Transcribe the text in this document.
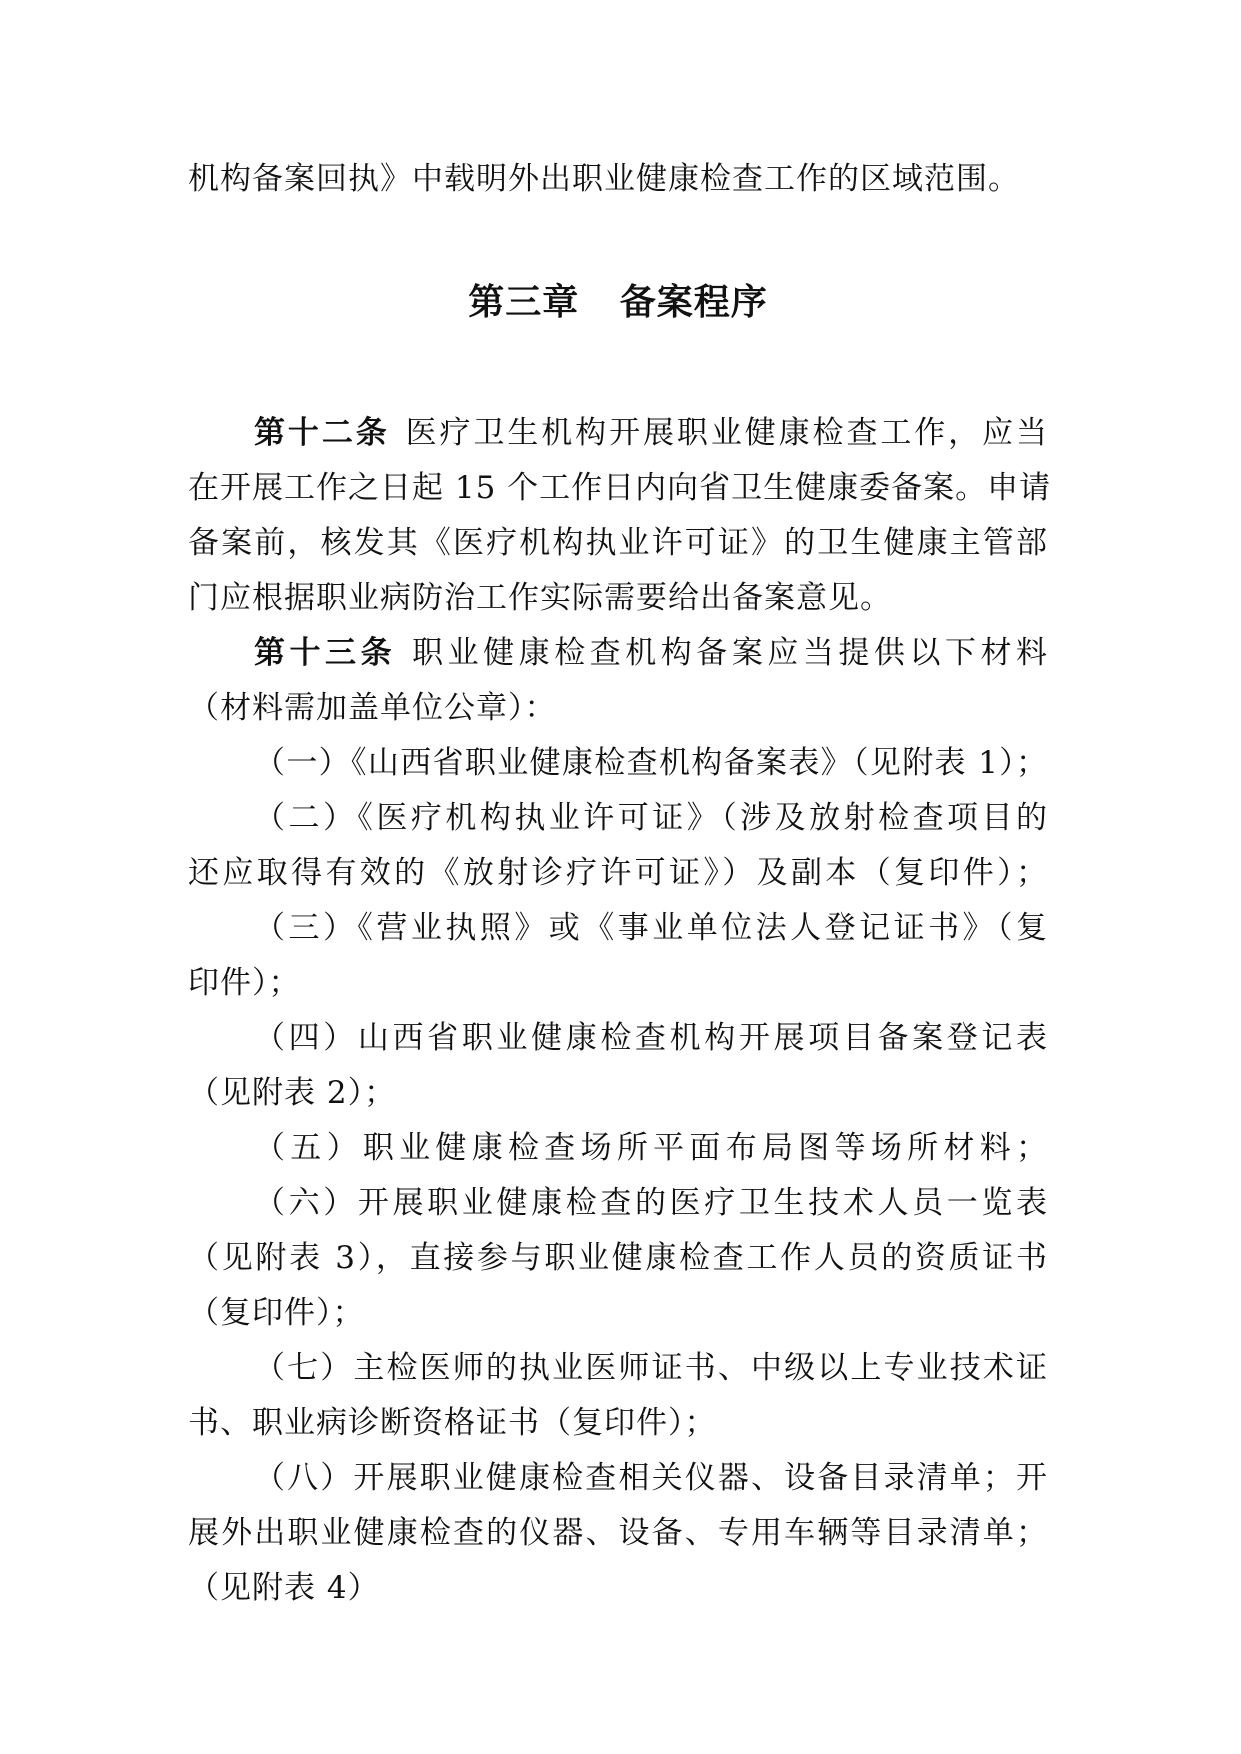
机构备案回执》中载明外出职业健康检查工作的区域范围。
第三章   备案程序
第十二条 医疗卫生机构开展职业健康检查工作，应当
在开展工作之日起 15 个工作日内向省卫生健康委备案。申请
备案前，核发其《医疗机构执业许可证》的卫生健康主管部
门应根据职业病防治工作实际需要给出备案意见。
第十三条 职业健康检查机构备案应当提供以下材料
（材料需加盖单位公章）：
（一）《山西省职业健康检查机构备案表》（见附表 1）；
（二）《医疗机构执业许可证》（涉及放射检查项目的
还应取得有效的《放射诊疗许可证》）及副本（复印件）；
（三）《营业执照》或《事业单位法人登记证书》（复
印件）；
（四）山西省职业健康检查机构开展项目备案登记表
（见附表 2）；
（五）职业健康检查场所平面布局图等场所材料；
（六）开展职业健康检查的医疗卫生技术人员一览表
（见附表 3），直接参与职业健康检查工作人员的资质证书
（复印件）；
（七）主检医师的执业医师证书、中级以上专业技术证
书、职业病诊断资格证书（复印件）；
（八）开展职业健康检查相关仪器、设备目录清单；开
展外出职业健康检查的仪器、设备、专用车辆等目录清单；
（见附表 4）
